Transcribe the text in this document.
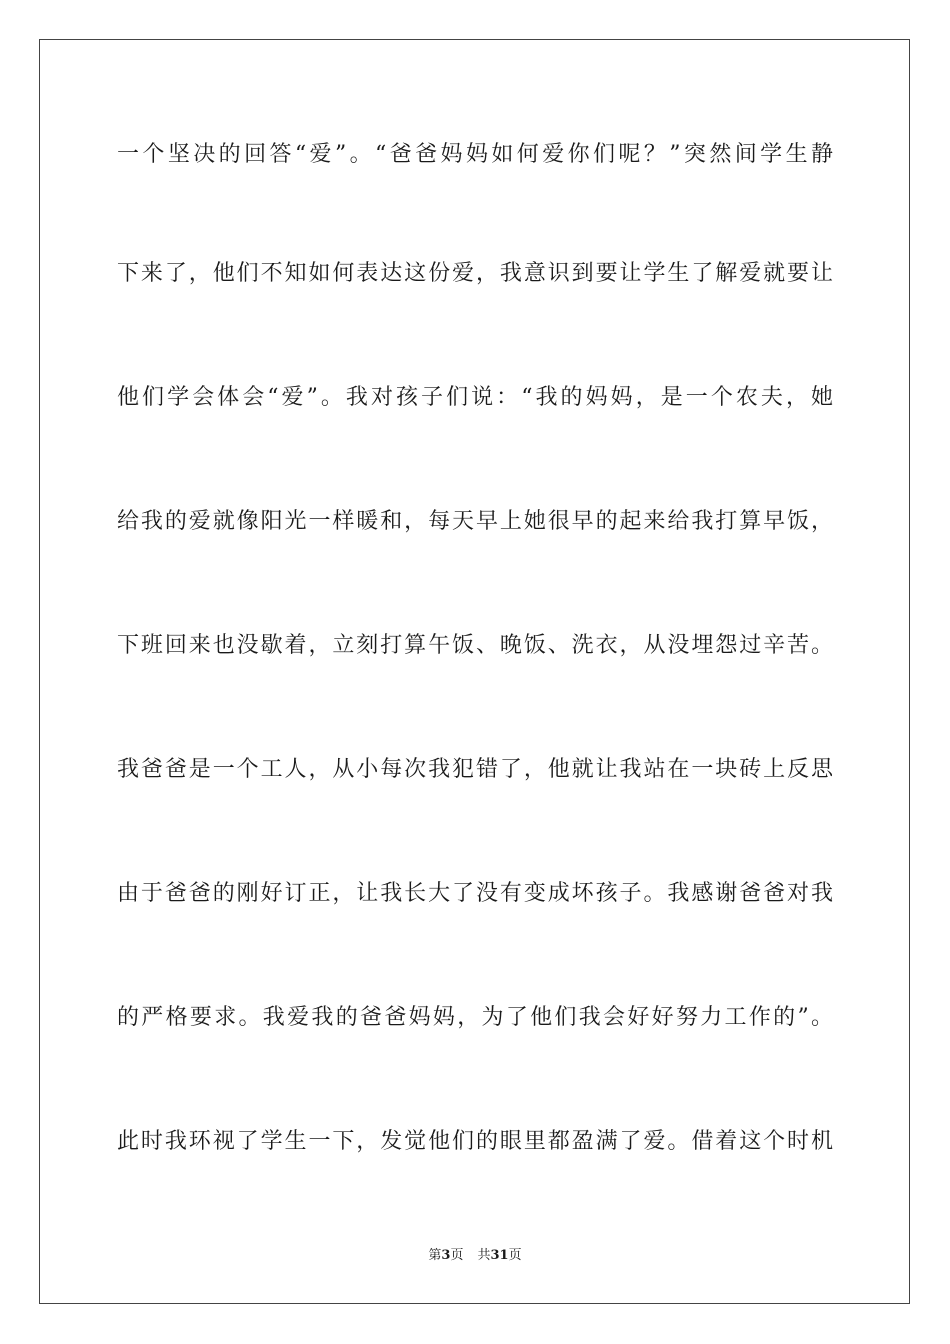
一个坚决的回答“爱”。“爸爸妈妈如何爱你们呢？”突然间学生静
下来了，他们不知如何表达这份爱，我意识到要让学生了解爱就要让
他们学会体会“爱”。我对孩子们说：“我的妈妈，是一个农夫，她
给我的爱就像阳光一样暖和，每天早上她很早的起来给我打算早饭，
下班回来也没歇着，立刻打算午饭、晚饭、洗衣，从没埋怨过辛苦。
我爸爸是一个工人，从小每次我犯错了，他就让我站在一块砖上反思
由于爸爸的刚好订正，让我长大了没有变成坏孩子。我感谢爸爸对我
的严格要求。我爱我的爸爸妈妈，为了他们我会好好努力工作的”。
此时我环视了学生一下，发觉他们的眼里都盈满了爱。借着这个时机
第3页 共31页
